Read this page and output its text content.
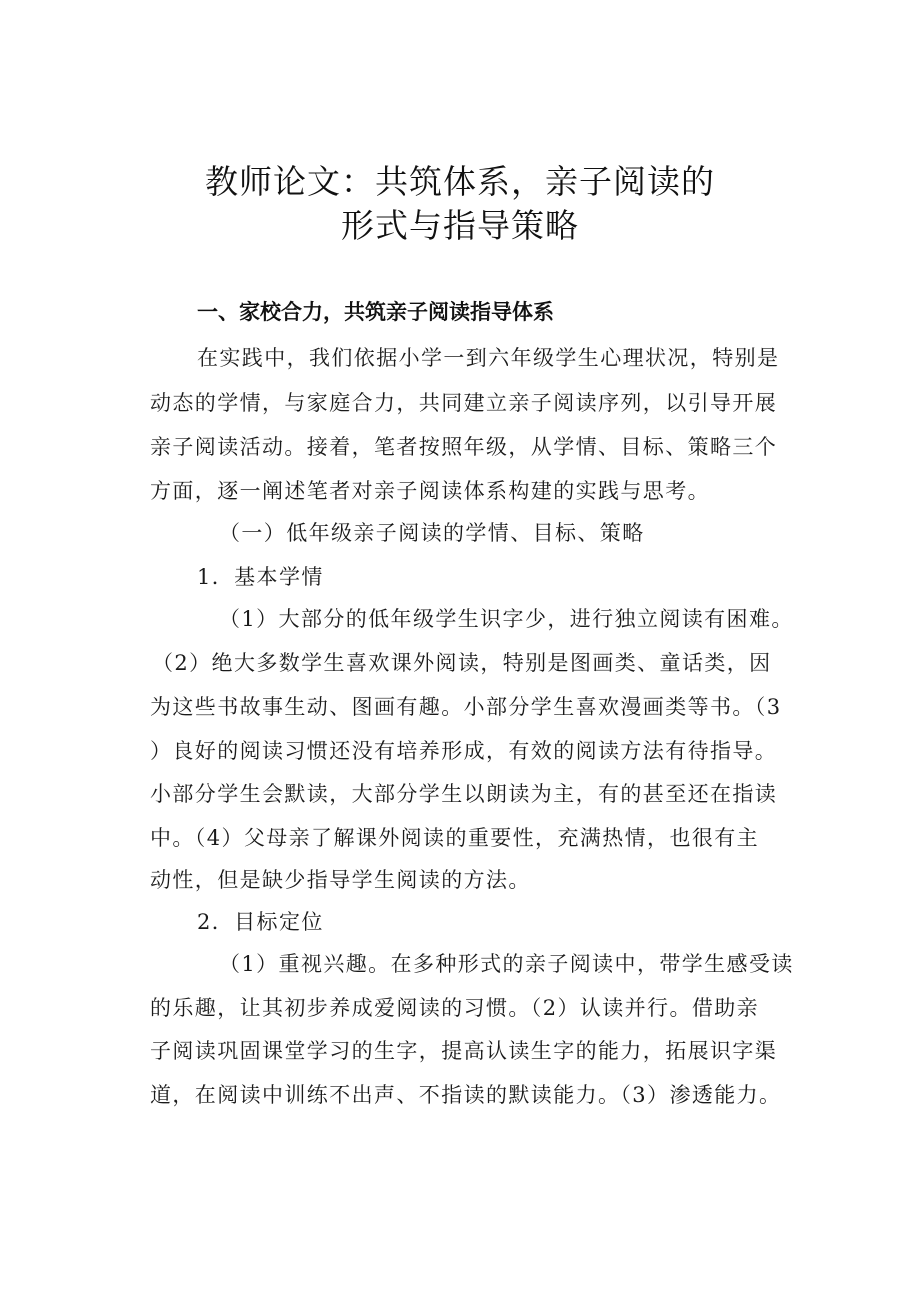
教师论文：共筑体系，亲子阅读的
形式与指导策略
一、家校合力，共筑亲子阅读指导体系
在实践中，我们依据小学一到六年级学生心理状况，特别是
动态的学情，与家庭合力，共同建立亲子阅读序列，以引导开展
亲子阅读活动。接着，笔者按照年级，从学情、目标、策略三个
方面，逐一阐述笔者对亲子阅读体系构建的实践与思考。
（一）低年级亲子阅读的学情、目标、策略
1．基本学情
（1）大部分的低年级学生识字少，进行独立阅读有困难。
（2）绝大多数学生喜欢课外阅读，特别是图画类、童话类，因
为这些书故事生动、图画有趣。小部分学生喜欢漫画类等书。（3
）良好的阅读习惯还没有培养形成，有效的阅读方法有待指导。
小部分学生会默读，大部分学生以朗读为主，有的甚至还在指读
中。（4）父母亲了解课外阅读的重要性，充满热情，也很有主
动性，但是缺少指导学生阅读的方法。
2．目标定位
（1）重视兴趣。在多种形式的亲子阅读中，带学生感受读
的乐趣，让其初步养成爱阅读的习惯。（2）认读并行。借助亲
子阅读巩固课堂学习的生字，提高认读生字的能力，拓展识字渠
道，在阅读中训练不出声、不指读的默读能力。（3）渗透能力。
